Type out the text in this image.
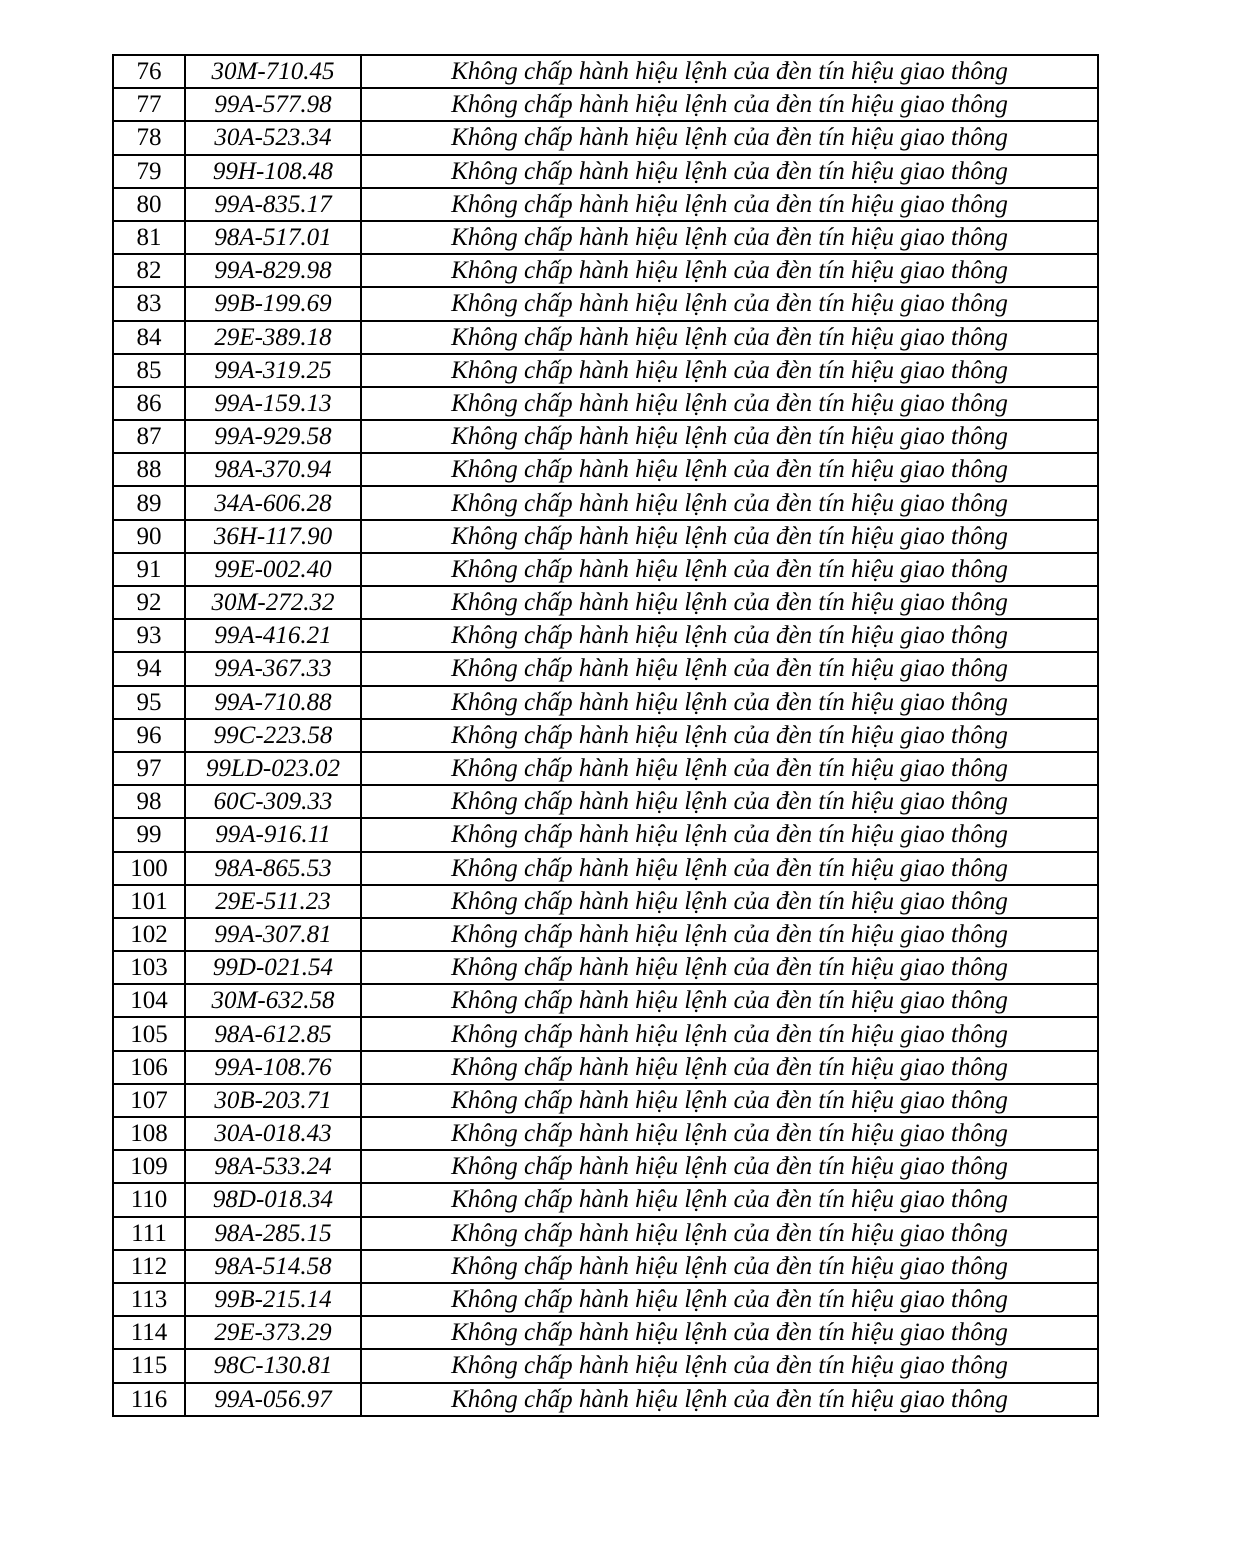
76	30M-710.45	Không chấp hành hiệu lệnh của đèn tín hiệu giao thông
77	99A-577.98	Không chấp hành hiệu lệnh của đèn tín hiệu giao thông
78	30A-523.34	Không chấp hành hiệu lệnh của đèn tín hiệu giao thông
79	99H-108.48	Không chấp hành hiệu lệnh của đèn tín hiệu giao thông
80	99A-835.17	Không chấp hành hiệu lệnh của đèn tín hiệu giao thông
81	98A-517.01	Không chấp hành hiệu lệnh của đèn tín hiệu giao thông
82	99A-829.98	Không chấp hành hiệu lệnh của đèn tín hiệu giao thông
83	99B-199.69	Không chấp hành hiệu lệnh của đèn tín hiệu giao thông
84	29E-389.18	Không chấp hành hiệu lệnh của đèn tín hiệu giao thông
85	99A-319.25	Không chấp hành hiệu lệnh của đèn tín hiệu giao thông
86	99A-159.13	Không chấp hành hiệu lệnh của đèn tín hiệu giao thông
87	99A-929.58	Không chấp hành hiệu lệnh của đèn tín hiệu giao thông
88	98A-370.94	Không chấp hành hiệu lệnh của đèn tín hiệu giao thông
89	34A-606.28	Không chấp hành hiệu lệnh của đèn tín hiệu giao thông
90	36H-117.90	Không chấp hành hiệu lệnh của đèn tín hiệu giao thông
91	99E-002.40	Không chấp hành hiệu lệnh của đèn tín hiệu giao thông
92	30M-272.32	Không chấp hành hiệu lệnh của đèn tín hiệu giao thông
93	99A-416.21	Không chấp hành hiệu lệnh của đèn tín hiệu giao thông
94	99A-367.33	Không chấp hành hiệu lệnh của đèn tín hiệu giao thông
95	99A-710.88	Không chấp hành hiệu lệnh của đèn tín hiệu giao thông
96	99C-223.58	Không chấp hành hiệu lệnh của đèn tín hiệu giao thông
97	99LD-023.02	Không chấp hành hiệu lệnh của đèn tín hiệu giao thông
98	60C-309.33	Không chấp hành hiệu lệnh của đèn tín hiệu giao thông
99	99A-916.11	Không chấp hành hiệu lệnh của đèn tín hiệu giao thông
100	98A-865.53	Không chấp hành hiệu lệnh của đèn tín hiệu giao thông
101	29E-511.23	Không chấp hành hiệu lệnh của đèn tín hiệu giao thông
102	99A-307.81	Không chấp hành hiệu lệnh của đèn tín hiệu giao thông
103	99D-021.54	Không chấp hành hiệu lệnh của đèn tín hiệu giao thông
104	30M-632.58	Không chấp hành hiệu lệnh của đèn tín hiệu giao thông
105	98A-612.85	Không chấp hành hiệu lệnh của đèn tín hiệu giao thông
106	99A-108.76	Không chấp hành hiệu lệnh của đèn tín hiệu giao thông
107	30B-203.71	Không chấp hành hiệu lệnh của đèn tín hiệu giao thông
108	30A-018.43	Không chấp hành hiệu lệnh của đèn tín hiệu giao thông
109	98A-533.24	Không chấp hành hiệu lệnh của đèn tín hiệu giao thông
110	98D-018.34	Không chấp hành hiệu lệnh của đèn tín hiệu giao thông
111	98A-285.15	Không chấp hành hiệu lệnh của đèn tín hiệu giao thông
112	98A-514.58	Không chấp hành hiệu lệnh của đèn tín hiệu giao thông
113	99B-215.14	Không chấp hành hiệu lệnh của đèn tín hiệu giao thông
114	29E-373.29	Không chấp hành hiệu lệnh của đèn tín hiệu giao thông
115	98C-130.81	Không chấp hành hiệu lệnh của đèn tín hiệu giao thông
116	99A-056.97	Không chấp hành hiệu lệnh của đèn tín hiệu giao thông
